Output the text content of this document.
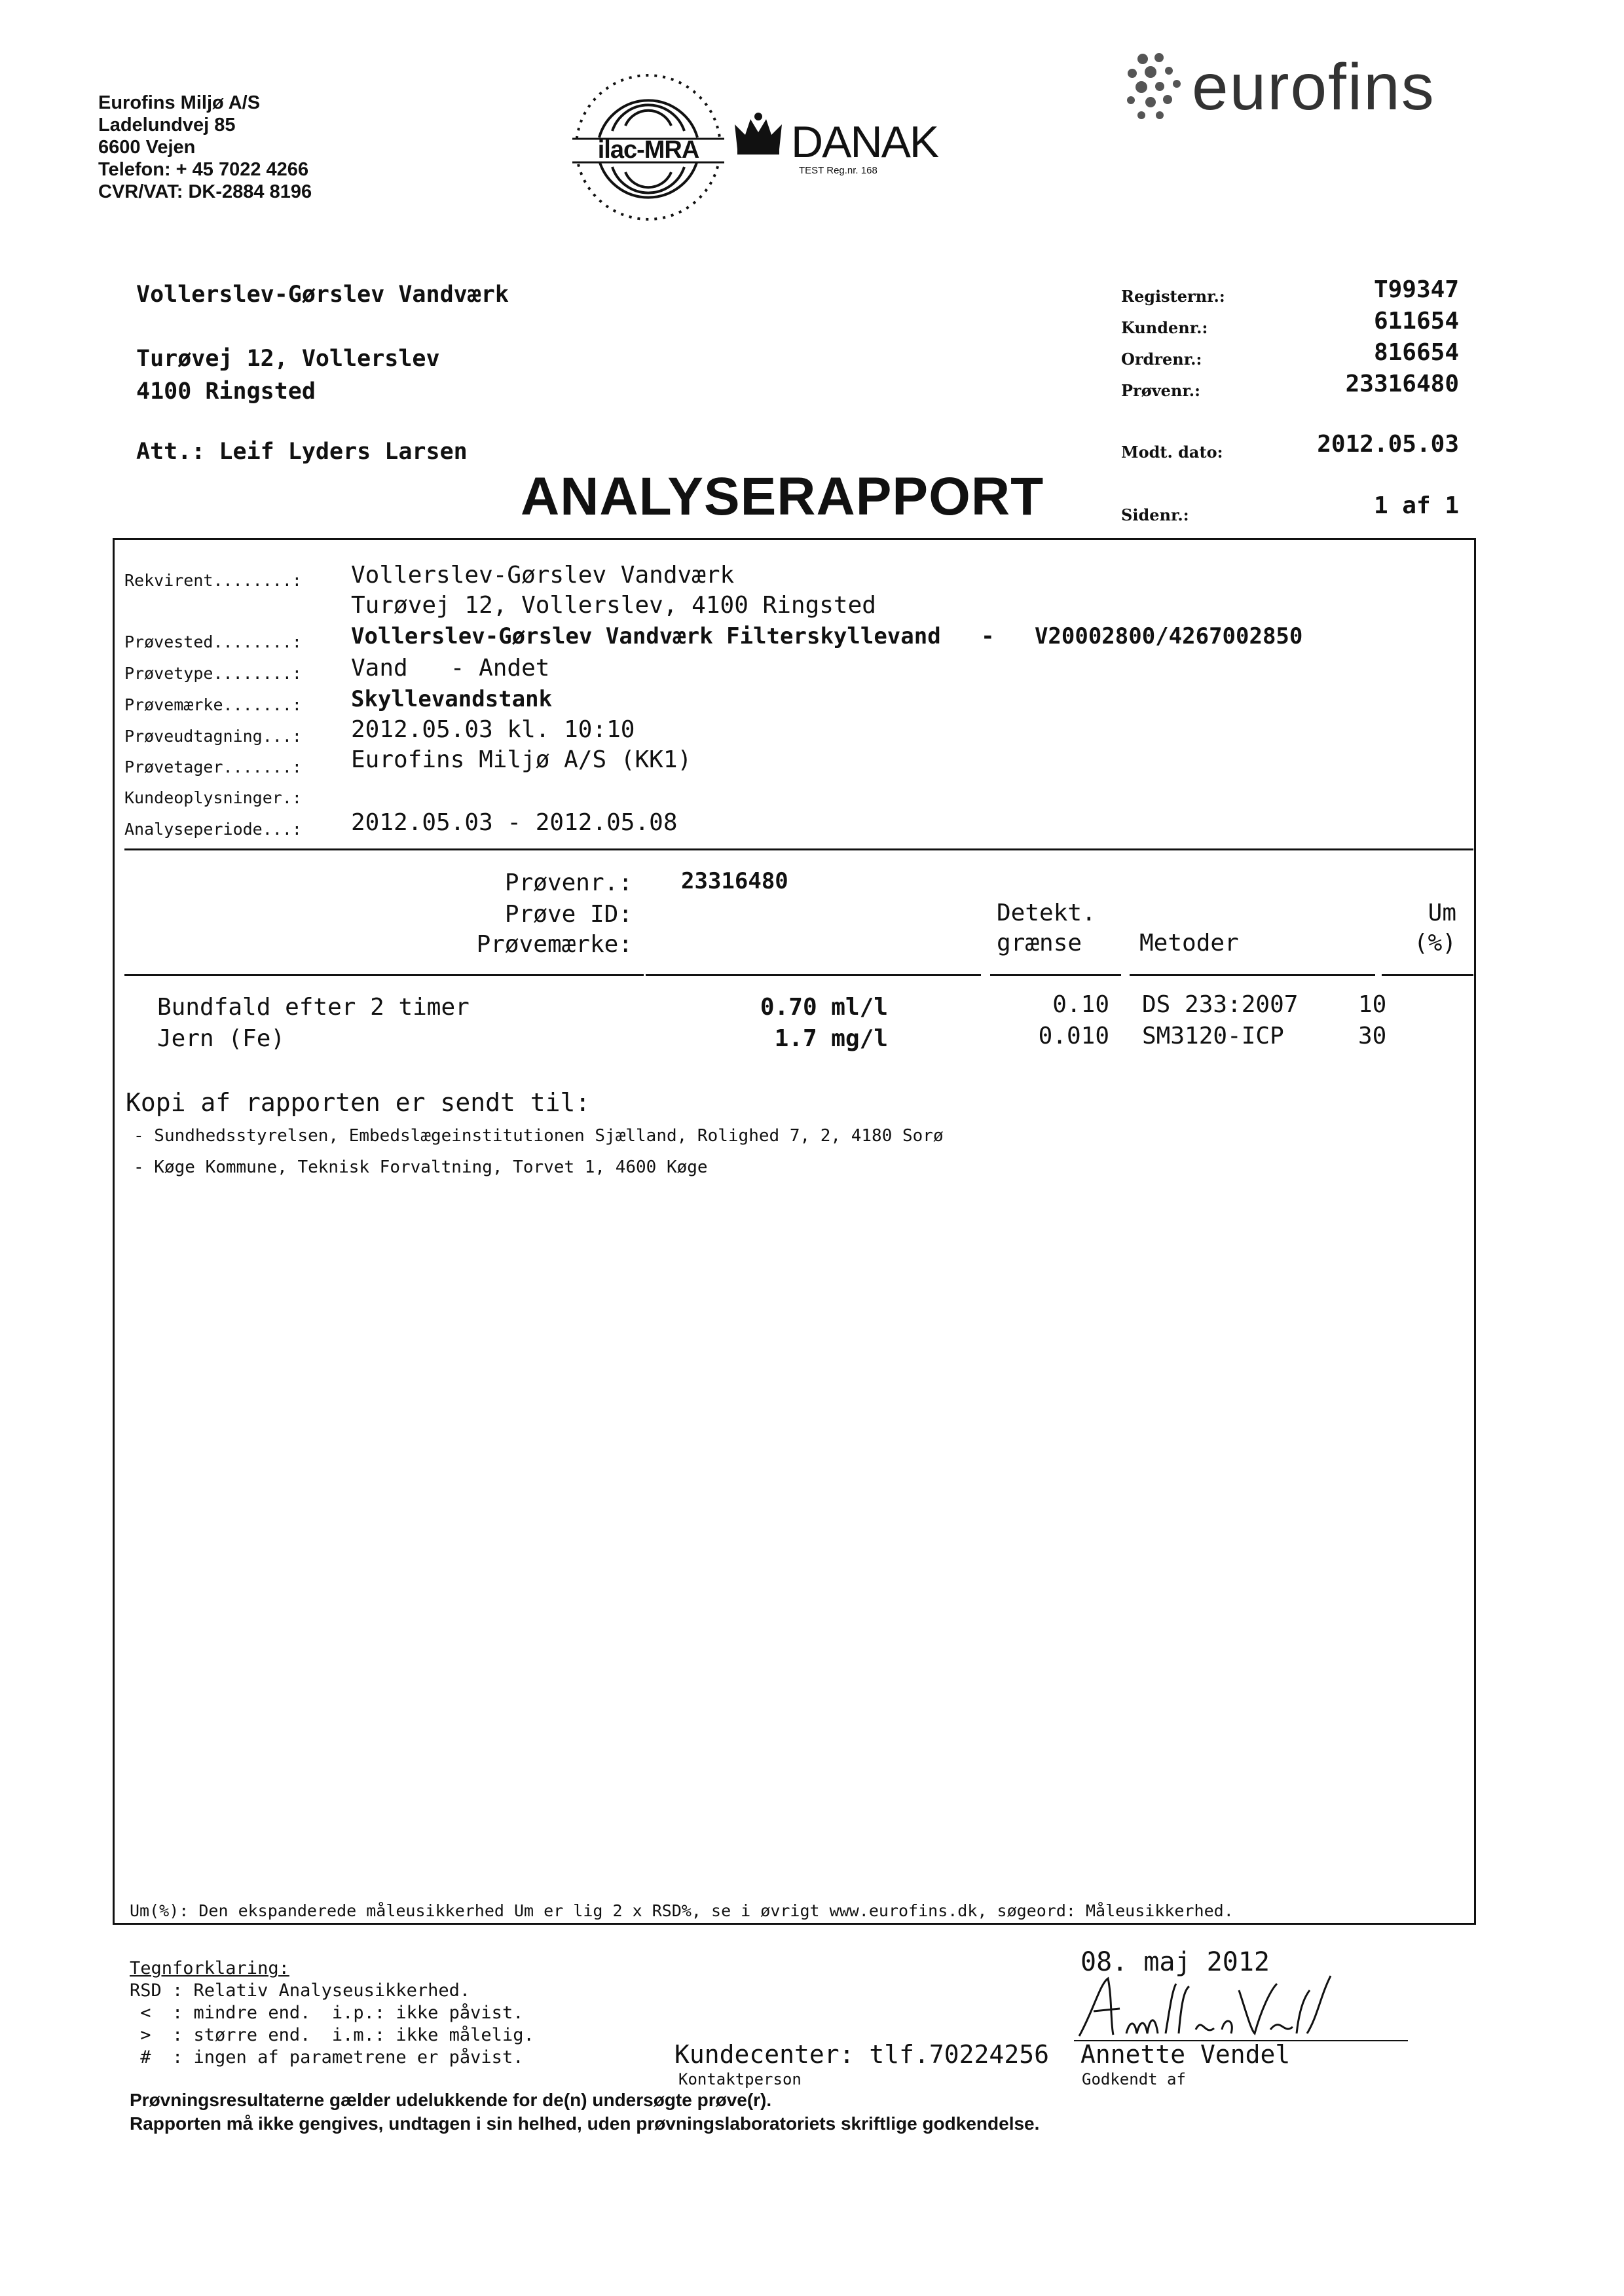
Eurofins Miljø A/S
Ladelundvej 85
6600 Vejen
Telefon: + 45 7022 4266
CVR/VAT: DK-2884 8196
ilac-MRA	DANAK
TEST Reg.nr. 168
eurofins
Vollerslev-Gørslev Vandværk
Turøvej 12, Vollerslev
4100 Ringsted
Att.: Leif Lyders Larsen
Registernr.:	T99347
Kundenr.:	611654
Ordrenr.:	816654
Prøvenr.:	23316480
Modt. dato:	2012.05.03
ANALYSERAPPORT	Sidenr.:	1 af 1
Rekvirent........: Vollerslev-Gørslev Vandværk
Turøvej 12, Vollerslev, 4100 Ringsted
Prøvested........: Vollerslev-Gørslev Vandværk Filterskyllevand   -   V20002800/4267002850
Prøvetype........: Vand   - Andet
Prøvemærke.......: Skyllevandstank
Prøveudtagning...: 2012.05.03 kl. 10:10
Prøvetager.......: Eurofins Miljø A/S (KK1)
Kundeoplysninger.:
Analyseperiode...: 2012.05.03 - 2012.05.08
Prøvenr.: 23316480
Prøve ID:
Prøvemærke:
Detekt.
grænse Metoder
Um
(%)
Bundfald efter 2 timer	0.70 ml/l	0.10 DS 233:2007	10
Jern (Fe)	1.7 mg/l	0.010 SM3120-ICP	30
Kopi af rapporten er sendt til:
- Sundhedsstyrelsen, Embedslægeinstitutionen Sjælland, Rolighed 7, 2, 4180 Sorø
- Køge Kommune, Teknisk Forvaltning, Torvet 1, 4600 Køge
Um(%): Den ekspanderede måleusikkerhed Um er lig 2 x RSD%, se i øvrigt www.eurofins.dk, søgeord: Måleusikkerhed.
Tegnforklaring:
RSD : Relativ Analyseusikkerhed.
<  : mindre end.  i.p.: ikke påvist.
>  : større end.  i.m.: ikke målelig.
#  : ingen af parametrene er påvist.
08. maj 2012
Kundecenter: tlf.70224256 Annette Vendel
Kontaktperson	Godkendt af
Prøvningsresultaterne gælder udelukkende for de(n) undersøgte prøve(r).
Rapporten må ikke gengives, undtagen i sin helhed, uden prøvningslaboratoriets skriftlige godkendelse.
